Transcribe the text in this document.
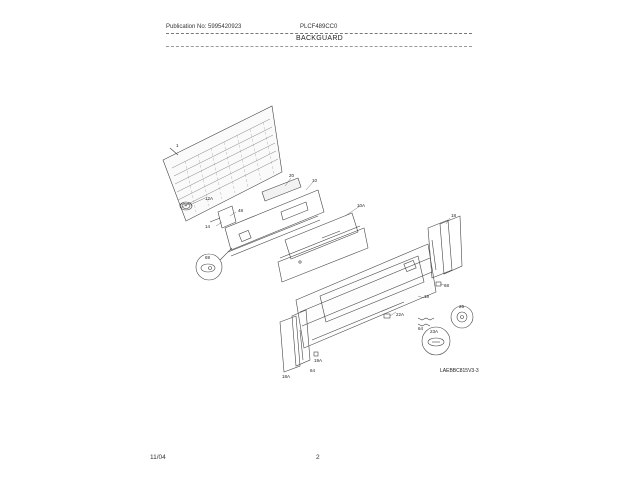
Publication No: 5995420923	PLCF489CC0
BACKGUARD
1
12A
14
48
20
10
10A
69
18
18
68
22A
64
23A
26
19A
18A
64	LAEBBC815V3-3
11/04	2
